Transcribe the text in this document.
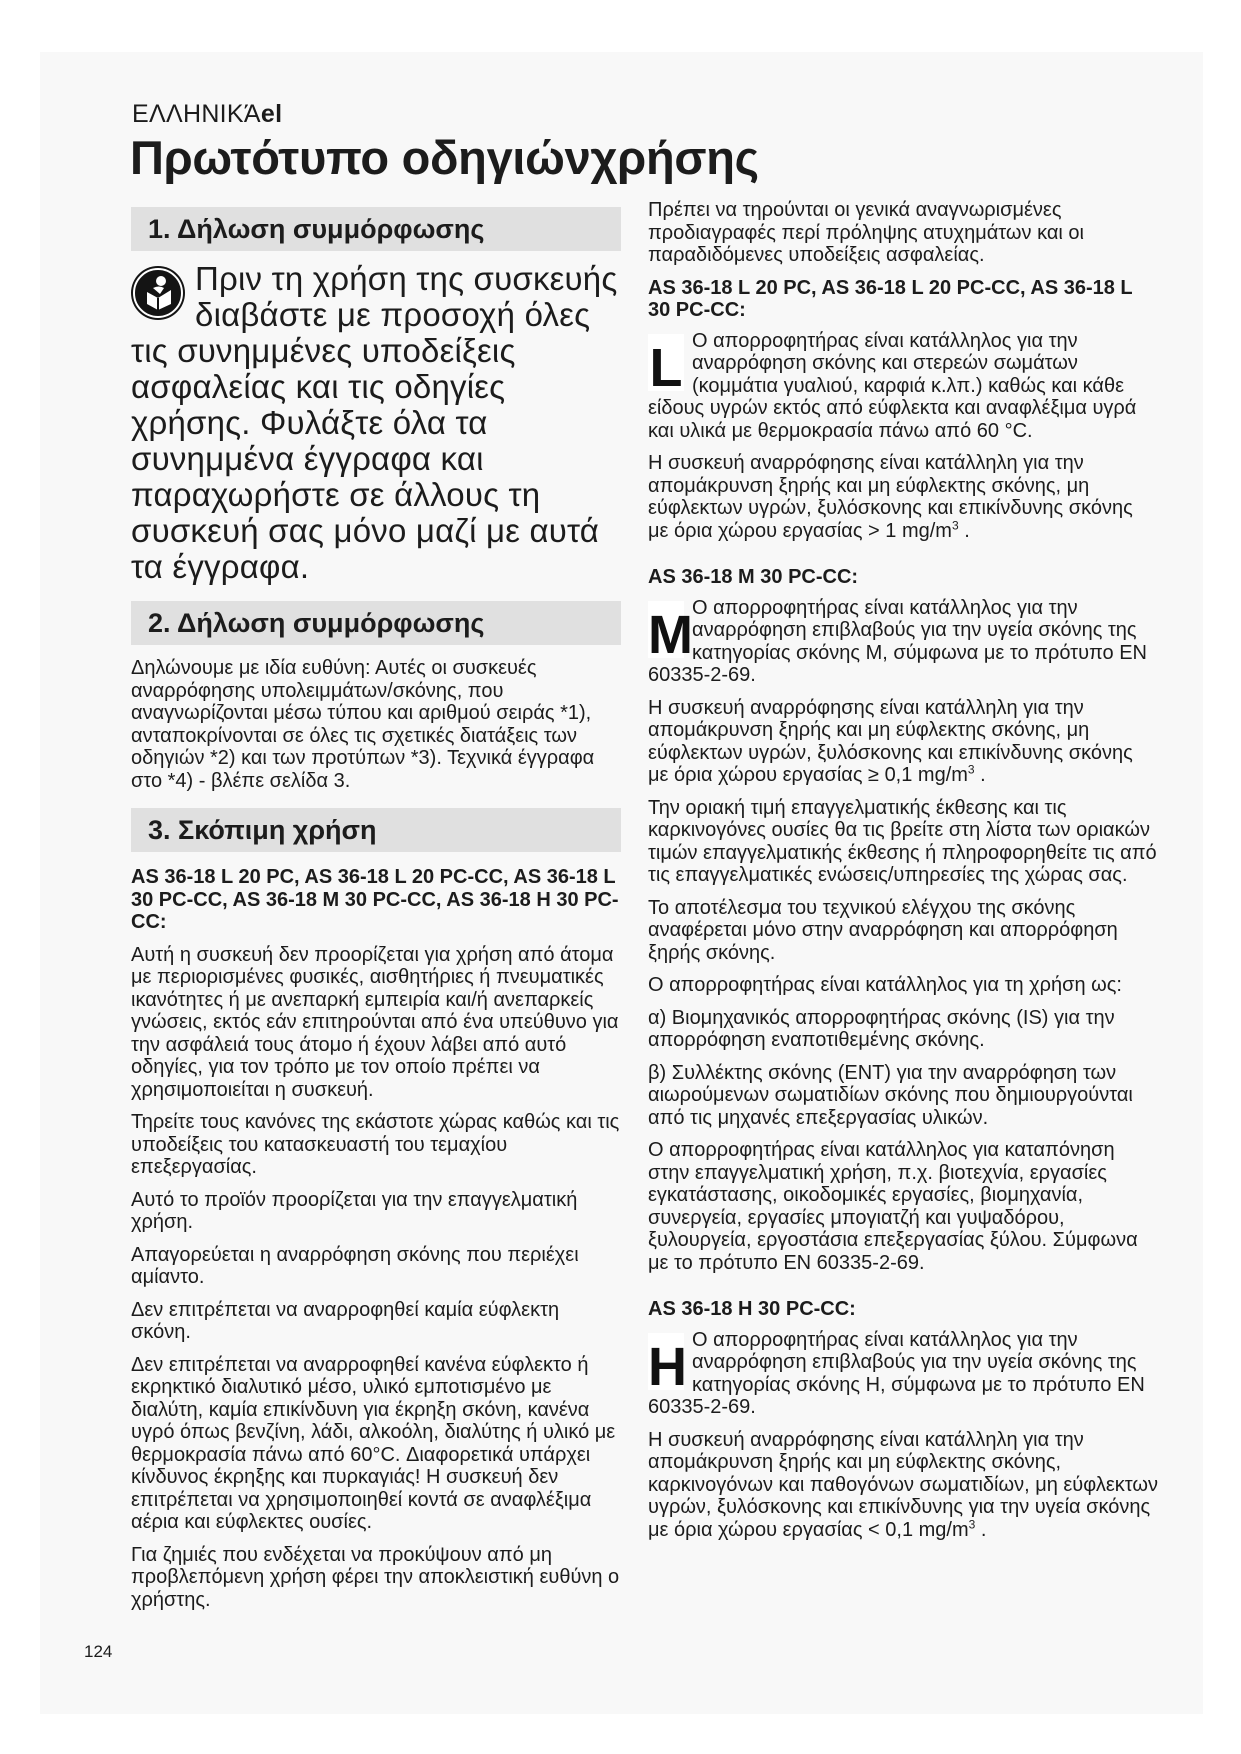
ΕΛΛΗΝΙΚΆel
Πρωτότυπο οδηγιώνχρήσης
1. Δήλωση συμμόρφωσης
Πριν τη χρήση της συσκευής διαβάστε με προσοχή όλες τις συνημμένες υποδείξεις ασφαλείας και τις οδηγίες χρήσης. Φυλάξτε όλα τα συνημμένα έγγραφα και παραχωρήστε σε άλλους τη συσκευή σας μόνο μαζί με αυτά τα έγγραφα.
2. Δήλωση συμμόρφωσης

Δηλώνουμε με ιδία ευθύνη: Αυτές οι συσκευές αναρρόφησης υπολειμμάτων/σκόνης, που αναγνωρίζονται μέσω τύπου και αριθμού σειράς *1), ανταποκρίνονται σε όλες τις σχετικές διατάξεις των οδηγιών *2) και των προτύπων *3). Τεχνικά έγγραφα στο *4) - βλέπε σελίδα 3.

3. Σκόπιμη χρήση

AS 36-18 L 20 PC, AS 36-18 L 20 PC-CC, AS 36-18 L 30 PC-CC, AS 36-18 M 30 PC-CC, AS 36-18 H 30 PC-CC:

Αυτή η συσκευή δεν προορίζεται για χρήση από άτομα με περιορισμένες φυσικές, αισθητήριες ή πνευματικές ικανότητες ή με ανεπαρκή εμπειρία και/ή ανεπαρκείς γνώσεις, εκτός εάν επιτηρούνται από ένα υπεύθυνο για την ασφάλειά τους άτομο ή έχουν λάβει από αυτό οδηγίες, για τον τρόπο με τον οποίο πρέπει να χρησιμοποιείται η συσκευή.

Τηρείτε τους κανόνες της εκάστοτε χώρας καθώς και τις υποδείξεις του κατασκευαστή του τεμαχίου επεξεργασίας.

Αυτό το προϊόν προορίζεται για την επαγγελματική χρήση.

Απαγορεύεται η αναρρόφηση σκόνης που περιέχει αμίαντο.

Δεν επιτρέπεται να αναρροφηθεί καμία εύφλεκτη σκόνη.

Δεν επιτρέπεται να αναρροφηθεί κανένα εύφλεκτο ή εκρηκτικό διαλυτικό μέσο, υλικό εμποτισμένο με διαλύτη, καμία επικίνδυνη για έκρηξη σκόνη, κανένα υγρό όπως βενζίνη, λάδι, αλκοόλη, διαλύτης ή υλικό με θερμοκρασία πάνω από 60°C. Διαφορετικά υπάρχει κίνδυνος έκρηξης και πυρκαγιάς! Η συσκευή δεν επιτρέπεται να χρησιμοποιηθεί κοντά σε αναφλέξιμα αέρια και εύφλεκτες ουσίες.

Για ζημιές που ενδέχεται να προκύψουν από μη προβλεπόμενη χρήση φέρει την αποκλειστική ευθύνη ο χρήστης.

Πρέπει να τηρούνται οι γενικά αναγνωρισμένες προδιαγραφές περί πρόληψης ατυχημάτων και οι παραδιδόμενες υποδείξεις ασφαλείας.

AS 36-18 L 20 PC, AS 36-18 L 20 PC-CC, AS 36-18 L 30 PC-CC:

L Ο απορροφητήρας είναι κατάλληλος για την αναρρόφηση σκόνης και στερεών σωμάτων (κομμάτια γυαλιού, καρφιά κ.λπ.) καθώς και κάθε είδους υγρών εκτός από εύφλεκτα και αναφλέξιμα υγρά και υλικά με θερμοκρασία πάνω από 60 °C.

Η συσκευή αναρρόφησης είναι κατάλληλη για την απομάκρυνση ξηρής και μη εύφλεκτης σκόνης, μη εύφλεκτων υγρών, ξυλόσκονης και επικίνδυνης σκόνης με όρια χώρου εργασίας > 1 $mg/m^3$ .

AS 36-18 M 30 PC-CC:

M Ο απορροφητήρας είναι κατάλληλος για την αναρρόφηση επιβλαβούς για την υγεία σκόνης της κατηγορίας σκόνης M, σύμφωνα με το πρότυπο EN 60335-2-69.

Η συσκευή αναρρόφησης είναι κατάλληλη για την απομάκρυνση ξηρής και μη εύφλεκτης σκόνης, μη εύφλεκτων υγρών, ξυλόσκονης και επικίνδυνης σκόνης με όρια χώρου εργασίας ≥ 0,1 $mg/m^3$ .

Την οριακή τιμή επαγγελματικής έκθεσης και τις καρκινογόνες ουσίες θα τις βρείτε στη λίστα των οριακών τιμών επαγγελματικής έκθεσης ή πληροφορηθείτε τις από τις επαγγελματικές ενώσεις/υπηρεσίες της χώρας σας.

Το αποτέλεσμα του τεχνικού ελέγχου της σκόνης αναφέρεται μόνο στην αναρρόφηση και απορρόφηση ξηρής σκόνης.

Ο απορροφητήρας είναι κατάλληλος για τη χρήση ως:

α) Βιομηχανικός απορροφητήρας σκόνης (IS) για την απορρόφηση εναποτιθεμένης σκόνης.

β) Συλλέκτης σκόνης (ENT) για την αναρρόφηση των αιωρούμενων σωματιδίων σκόνης που δημιουργούνται από τις μηχανές επεξεργασίας υλικών.

Ο απορροφητήρας είναι κατάλληλος για καταπόνηση στην επαγγελματική χρήση, π.χ. βιοτεχνία, εργασίες εγκατάστασης, οικοδομικές εργασίες, βιομηχανία, συνεργεία, εργασίες μπογιατζή και γυψαδόρου, ξυλουργεία, εργοστάσια επεξεργασίας ξύλου. Σύμφωνα με το πρότυπο EN 60335-2-69.

AS 36-18 H 30 PC-CC:

H Ο απορροφητήρας είναι κατάλληλος για την αναρρόφηση επιβλαβούς για την υγεία σκόνης της κατηγορίας σκόνης H, σύμφωνα με το πρότυπο EN 60335-2-69.

Η συσκευή αναρρόφησης είναι κατάλληλη για την απομάκρυνση ξηρής και μη εύφλεκτης σκόνης, καρκινογόνων και παθογόνων σωματιδίων, μη εύφλεκτων υγρών, ξυλόσκονης και επικίνδυνης για την υγεία σκόνης με όρια χώρου εργασίας < 0,1 $mg/m^3$ .

124
